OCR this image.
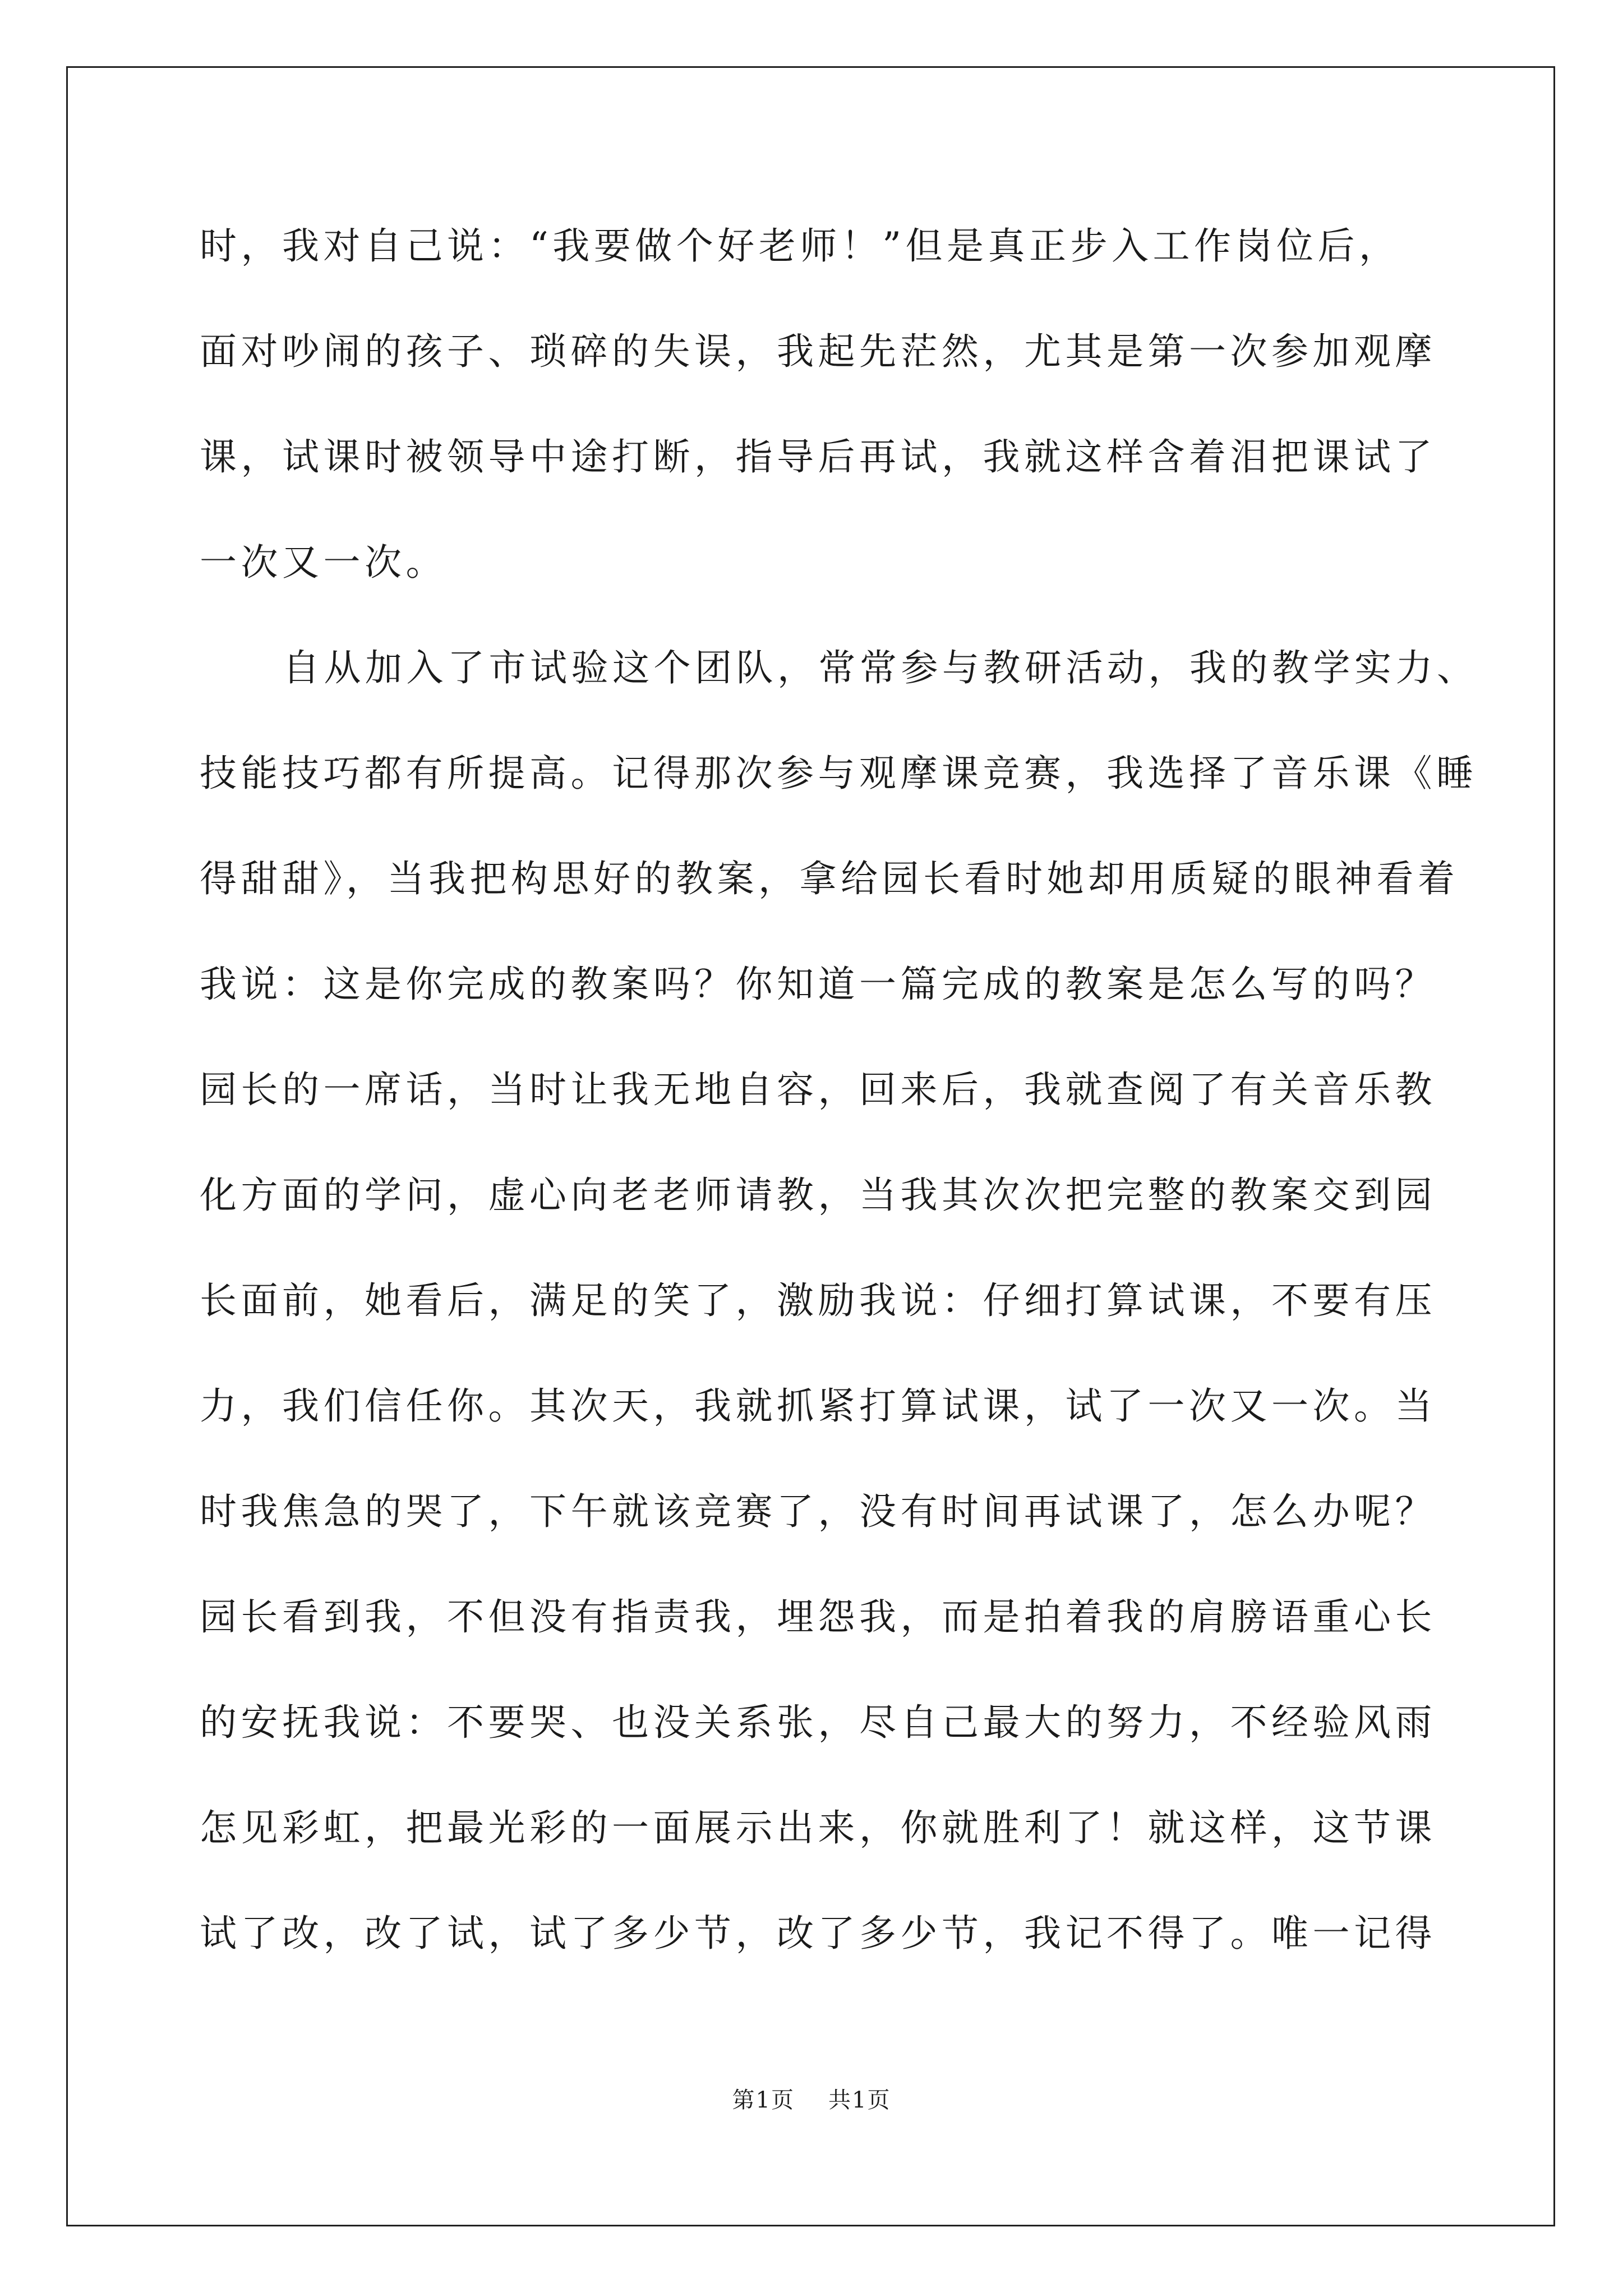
时，我对自己说：“我要做个好老师！”但是真正步入工作岗位后，
面对吵闹的孩子、琐碎的失误，我起先茫然，尤其是第一次参加观摩
课，试课时被领导中途打断，指导后再试，我就这样含着泪把课试了
一次又一次。
自从加入了市试验这个团队，常常参与教研活动，我的教学实力、
技能技巧都有所提高。记得那次参与观摩课竞赛，我选择了音乐课《睡
得甜甜》，当我把构思好的教案，拿给园长看时她却用质疑的眼神看着
我说：这是你完成的教案吗？你知道一篇完成的教案是怎么写的吗？
园长的一席话，当时让我无地自容，回来后，我就查阅了有关音乐教
化方面的学问，虚心向老老师请教，当我其次次把完整的教案交到园
长面前，她看后，满足的笑了，激励我说：仔细打算试课，不要有压
力，我们信任你。其次天，我就抓紧打算试课，试了一次又一次。当
时我焦急的哭了，下午就该竞赛了，没有时间再试课了，怎么办呢？
园长看到我，不但没有指责我，埋怨我，而是拍着我的肩膀语重心长
的安抚我说：不要哭、也没关系张，尽自己最大的努力，不经验风雨
怎见彩虹，把最光彩的一面展示出来，你就胜利了！就这样，这节课
试了改，改了试，试了多少节，改了多少节，我记不得了。唯一记得
第1页 共1页
